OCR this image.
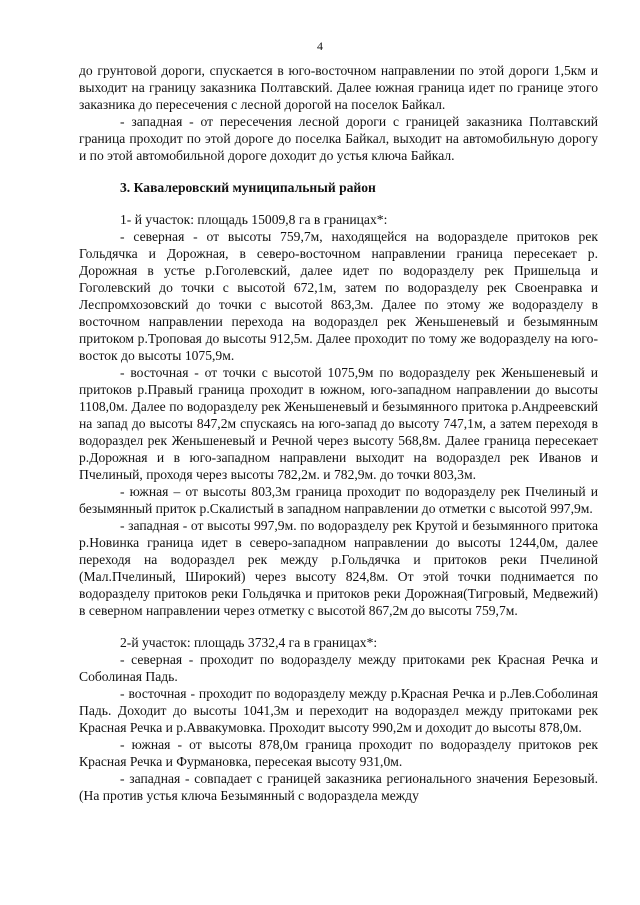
4

до грунтовой дороги, спускается в юго-восточном направлении по этой дороги 1,5км и выходит на границу заказника Полтавский. Далее южная граница идет по границе этого заказника до пересечения с лесной дорогой на поселок Байкал.

- западная - от пересечения лесной дороги с границей заказника Полтавский граница проходит по этой дороге до поселка Байкал, выходит на автомобильную дорогу и по этой автомобильной дороге доходит до устья ключа Байкал.

3. Кавалеровский муниципальный район

1- й участок: площадь 15009,8 га в границах*:

- северная - от высоты 759,7м, находящейся на водоразделе притоков рек Гольдячка и Дорожная, в северо-восточном направлении граница пересекает р. Дорожная в устье р.Гоголевский, далее идет по водоразделу рек Пришельца и Гоголевский до точки с высотой 672,1м, затем по водоразделу рек Своенравка и Леспромхозовский до точки с высотой 863,3м. Далее по этому же водоразделу в восточном направлении перехода на водораздел рек Женьшеневый и безымянным притоком р.Троповая до высоты 912,5м. Далее проходит по тому же водоразделу на юго-восток до высоты 1075,9м.

- восточная - от точки с высотой 1075,9м по водоразделу рек Женьшеневый и притоков р.Правый граница проходит в южном, юго-западном направлении до высоты 1108,0м. Далее по водоразделу рек Женьшеневый и безымянного притока р.Андреевский на запад до высоты 847,2м спускаясь на юго-запад до высоту 747,1м, а затем переходя в водораздел рек Женьшеневый и Речной через высоту 568,8м. Далее граница пересекает р.Дорожная и в юго-западном направлени выходит на водораздел рек Иванов и Пчелиный, проходя через высоты 782,2м. и 782,9м. до точки 803,3м.

- южная – от высоты 803,3м граница проходит по водоразделу рек Пчелиный и безымянный приток р.Скалистый в западном направлении до отметки с высотой 997,9м.

- западная - от высоты 997,9м. по водоразделу рек Крутой и безымянного притока р.Новинка граница идет в северо-западном направлении до высоты 1244,0м, далее переходя на водораздел рек между р.Гольдячка и притоков реки Пчелиной (Мал.Пчелиный, Широкий) через высоту 824,8м. От этой точки поднимается по водоразделу притоков реки Гольдячка и притоков реки Дорожная(Тигровый, Медвежий) в северном направлении через отметку с высотой 867,2м до высоты 759,7м.

2-й участок: площадь 3732,4 га в границах*:

- северная - проходит по водоразделу между притоками рек Красная Речка и Соболиная Падь.

- восточная - проходит по водоразделу между р.Красная Речка и р.Лев.Соболиная Падь. Доходит до высоты 1041,3м и переходит на водораздел между притоками рек Красная Речка и р.Аввакумовка. Проходит высоту 990,2м и доходит до высоты 878,0м.

- южная - от высоты 878,0м граница проходит по водоразделу притоков рек Красная Речка и Фурмановка, пересекая высоту 931,0м.

- западная - совпадает с границей заказника регионального значения Березовый. (На против устья ключа Безымянный с водораздела между
